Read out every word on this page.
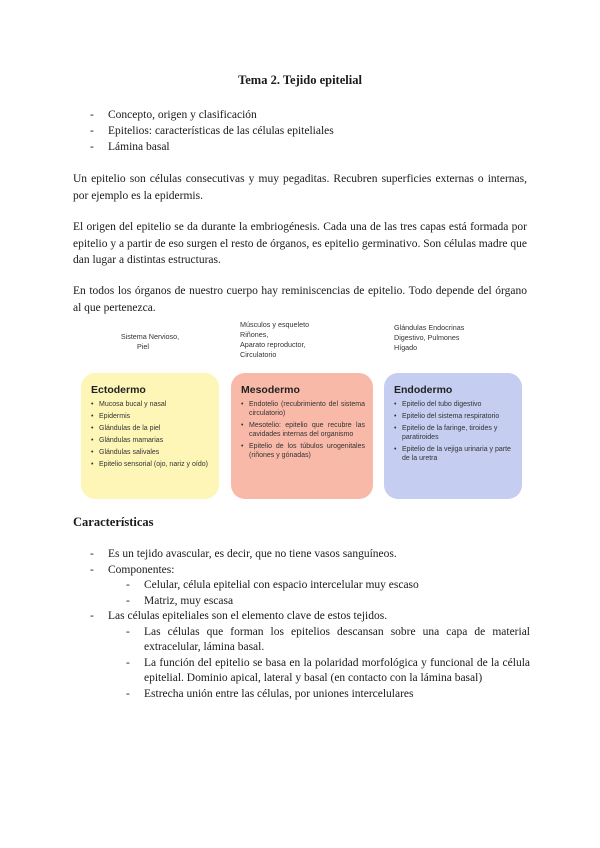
Tema 2. Tejido epitelial
- Concepto, origen y clasificación
- Epitelios: características de las células epiteliales
- Lámina basal

Un epitelio son células consecutivas y muy pegaditas. Recubren superficies externas o internas, por ejemplo es la epidermis.

El origen del epitelio se da durante la embriogénesis. Cada una de las tres capas está formada por epitelio y a partir de eso surgen el resto de órganos, es epitelio germinativo. Son células madre que dan lugar a distintas estructuras.

En todos los órganos de nuestro cuerpo hay reminiscencias de epitelio. Todo depende del órgano al que pertenezca.

Sistema Nervioso,
Piel
Músculos y esqueleto
Riñones,
Aparato reproductor,
Circulatorio
Glándulas Endocrinas
Digestivo, Pulmones
Hígado
Ectodermo
• Mucosa bucal y nasal
• Epidermis
• Glándulas de la piel
• Glándulas mamarias
• Glándulas salivales
• Epitelio sensorial (ojo, nariz y oído)
Mesodermo
• Endotelio (recubrimiento del sistema circulatorio)
• Mesotelio: epitelio que recubre las cavidades internas del organismo
• Epitelio de los túbulos urogenitales (riñones y gónadas)
Endodermo
• Epitelio del tubo digestivo
• Epitelio del sistema respiratorio
• Epitelio de la faringe, tiroides y paratiroides
• Epitelio de la vejiga urinaria y parte de la uretra
Características
- Es un tejido avascular, es decir, que no tiene vasos sanguíneos.
- Componentes:
- Celular, célula epitelial con espacio intercelular muy escaso
- Matriz, muy escasa
- Las células epiteliales son el elemento clave de estos tejidos.
- Las células que forman los epitelios descansan sobre una capa de material extracelular, lámina basal.
- La función del epitelio se basa en la polaridad morfológica y funcional de la célula epitelial. Dominio apical, lateral y basal (en contacto con la lámina basal)
- Estrecha unión entre las células, por uniones intercelulares
